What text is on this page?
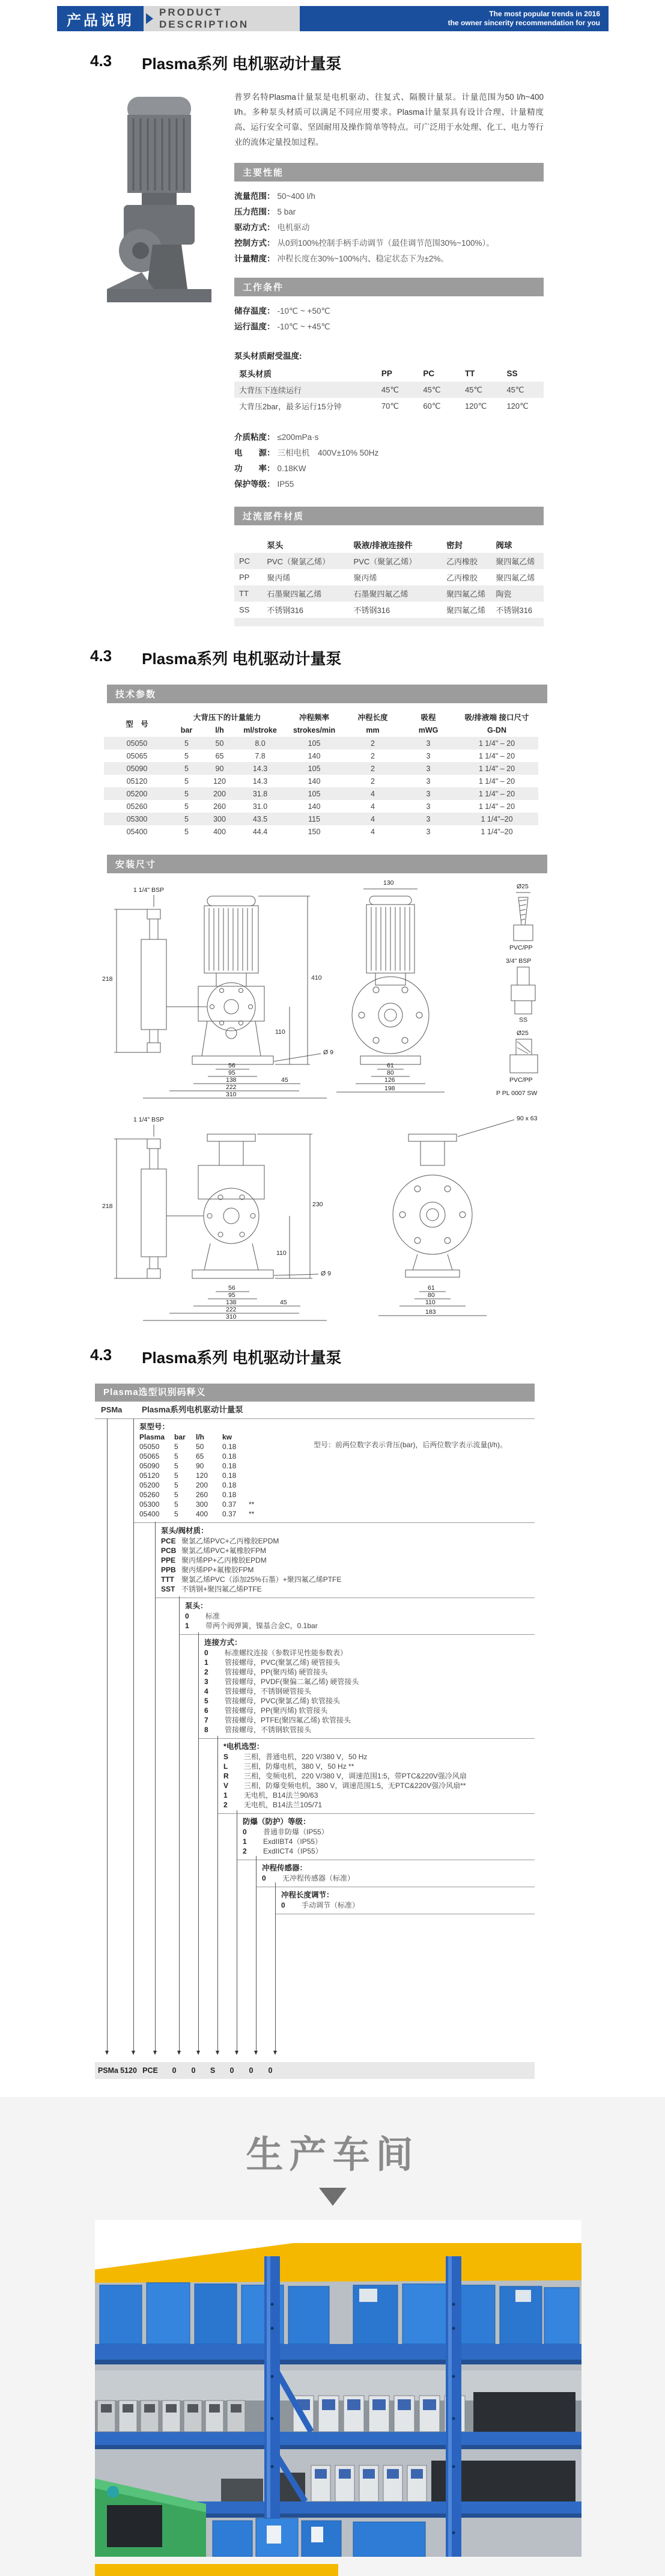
产品说明	PRODUCT DESCRIPTION
The most popular trends in 2016
the owner sincerity recommendation for you
4.3 Plasma系列 电机驱动计量泵

普罗名特Plasma计量泵是电机驱动、往复式、隔膜计量泵。计量范围为50 l/h~400 l/h。多种泵头材质可以满足不同应用要求。Plasma计量泵具有设计合理、计量精度高、运行安全可靠、坚固耐用及操作简单等特点。可广泛用于水处理、化工、电力等行业的流体定量投加过程。

主要性能
流量范围： 50~400 l/h
压力范围： 5 bar
驱动方式： 电机驱动
控制方式： 从0到100%控制手柄手动调节（最佳调节范围30%~100%）。
计量精度： 冲程长度在30%~100%内、稳定状态下为±2%。
工作条件
储存温度： -10℃ ~ +50℃
运行温度： -10℃ ~ +45℃
泵头材质耐受温度:
泵头材质	PP	PC	TT	SS
大背压下连续运行	45℃	45℃	45℃	45℃
大背压2bar，最多运行15分钟	70℃	60℃	120℃	120℃
介质粘度： ≤200mPa·s
电　　源： 三相电机　400V±10% 50Hz
功　　率： 0.18KW
保护等级： IP55
过流部件材质
	泵头	吸液/排液连接件	密封	阀球
PC	PVC（聚氯乙烯）	PVC（聚氯乙烯）	乙丙橡胶	聚四氟乙烯
PP	聚丙烯	聚丙烯	乙丙橡胶	聚四氟乙烯
TT	石墨聚四氟乙烯	石墨聚四氟乙烯	聚四氟乙烯	陶瓷
SS	不锈钢316	不锈钢316	聚四氟乙烯	不锈钢316
4.3 Plasma系列 电机驱动计量泵
技术参数
型　号	大背压下的计量能力			冲程频率	冲程长度	吸程	吸/排液端 接口尺寸
	bar	l/h	ml/stroke	strokes/min	mm	mWG	G-DN
05050	5	50	8.0	105	2	3	1 1/4" – 20
05065	5	65	7.8	140	2	3	1 1/4" – 20
05090	5	90	14.3	105	2	3	1 1/4" – 20
05120	5	120	14.3	140	2	3	1 1/4" – 20
05200	5	200	31.8	105	4	3	1 1/4" – 20
05260	5	260	31.0	140	4	3	1 1/4" – 20
05300	5	300	43.5	115	4	3	1 1/4"–20
05400	5	400	44.4	150	4	3	1 1/4"–20
安装尺寸
1 1/4" BSP
218	410
110
Ø 9
56
95
138	45
222
310
130
61
80
126
198
Ø25
PVC/PP
3/4" BSP
SS
Ø25
PVC/PP
P PL 0007 SW
1 1/4" BSP
218
90 x 63
230
110
Ø 9
56
95
138	45
222
310
61
80
110
183
4.3 Plasma系列 电机驱动计量泵
Plasma选型识别码释义
PSMa	Plasma系列电机驱动计量泵
泵型号：
Plasma	bar	l/h	kw
05050	5	50	0.18
05065	5	65	0.18
05090	5	90	0.18
05120	5	120	0.18
05200	5	200	0.18
05260	5	260	0.18
05300	5	300	0.37	**
05400	5	400	0.37	**
型号：前两位数字表示背压(bar)，后两位数字表示流量(l/h)。
泵头/阀材质：
PCE 聚氯乙烯PVC+乙丙橡胶EPDM
PCB 聚氯乙烯PVC+氟橡胶FPM
PPE 聚丙烯PP+乙丙橡胶EPDM
PPB 聚丙烯PP+氟橡胶FPM
TTT	聚氯乙烯PVC（添加25%石墨）+聚四氟乙烯PTFE
SST 不锈钢+聚四氟乙烯PTFE
泵头：
0	标准
1	带两个阀弹簧，镍基合金C，0.1bar
连接方式：
0	标准螺纹连接（参数详见性能参数表）
1	管接螺母，PVC(聚氯乙烯) 硬管接头
2	管接螺母，PP(聚丙烯) 硬管接头
3	管接螺母，PVDF(聚偏二氟乙烯) 硬管接头
4	管接螺母，不锈钢硬管接头
5	管接螺母，PVC(聚氯乙烯) 软管接头
6	管接螺母，PP(聚丙烯) 软管接头
7	管接螺母，PTFE(聚四氟乙烯) 软管接头
8	管接螺母，不锈钢软管接头
*电机选型：
S	三相，普通电机，220 V/380 V，50 Hz
L	三相，防爆电机，380 V，50 Hz **
R	三相，变频电机，220 V/380 V，调速范围1:5，带PTC&220V强冷风扇
V	三相，防爆变频电机，380 V，调速范围1:5，无PTC&220V强冷风扇**
1	无电机，B14法兰90/63
2	无电机，B14法兰105/71
防爆（防护）等级：
0	普通非防爆（IP55）
1	ExdIIBT4（IP55）
2	ExdIICT4（IP55）
冲程传感器：
0	无冲程传感器（标准）
冲程长度调节：
0	手动调节（标准）
PSMa 5120 PCE	0	0	S	0	0	0
生产车间
